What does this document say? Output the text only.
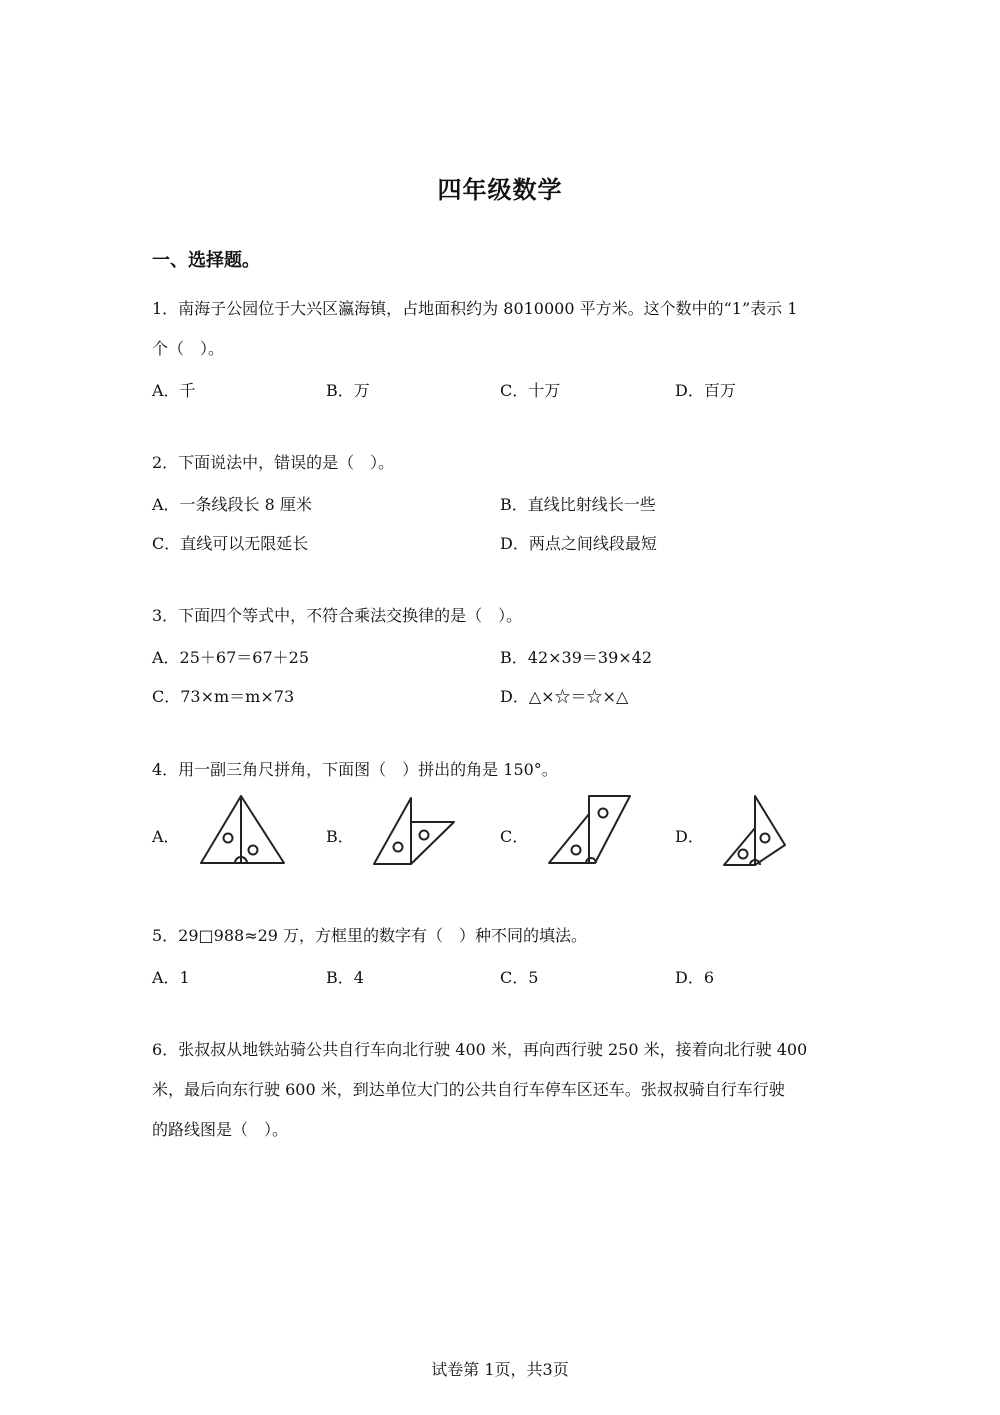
四年级数学
一、选择题。
1．南海子公园位于大兴区瀛海镇，占地面积约为 8010000 平方米。这个数中的“1”表示 1
个（　）。
A．千	B．万	C．十万	D．百万
2．下面说法中，错误的是（　）。
A．一条线段长 8 厘米	B．直线比射线长一些
C．直线可以无限延长	D．两点之间线段最短
3．下面四个等式中，不符合乘法交换律的是（　）。
A．25＋67＝67＋25	B．42×39＝39×42
C．73×m＝m×73	D．△×☆＝☆×△
4．用一副三角尺拼角，下面图（　）拼出的角是 150°。
A．	B．	C．	D．
5．29□988≈29 万，方框里的数字有（　）种不同的填法。
A．1	B．4	C．5	D．6
6．张叔叔从地铁站骑公共自行车向北行驶 400 米，再向西行驶 250 米，接着向北行驶 400
米，最后向东行驶 600 米，到达单位大门的公共自行车停车区还车。张叔叔骑自行车行驶
的路线图是（　）。
试卷第 1页，共3页
